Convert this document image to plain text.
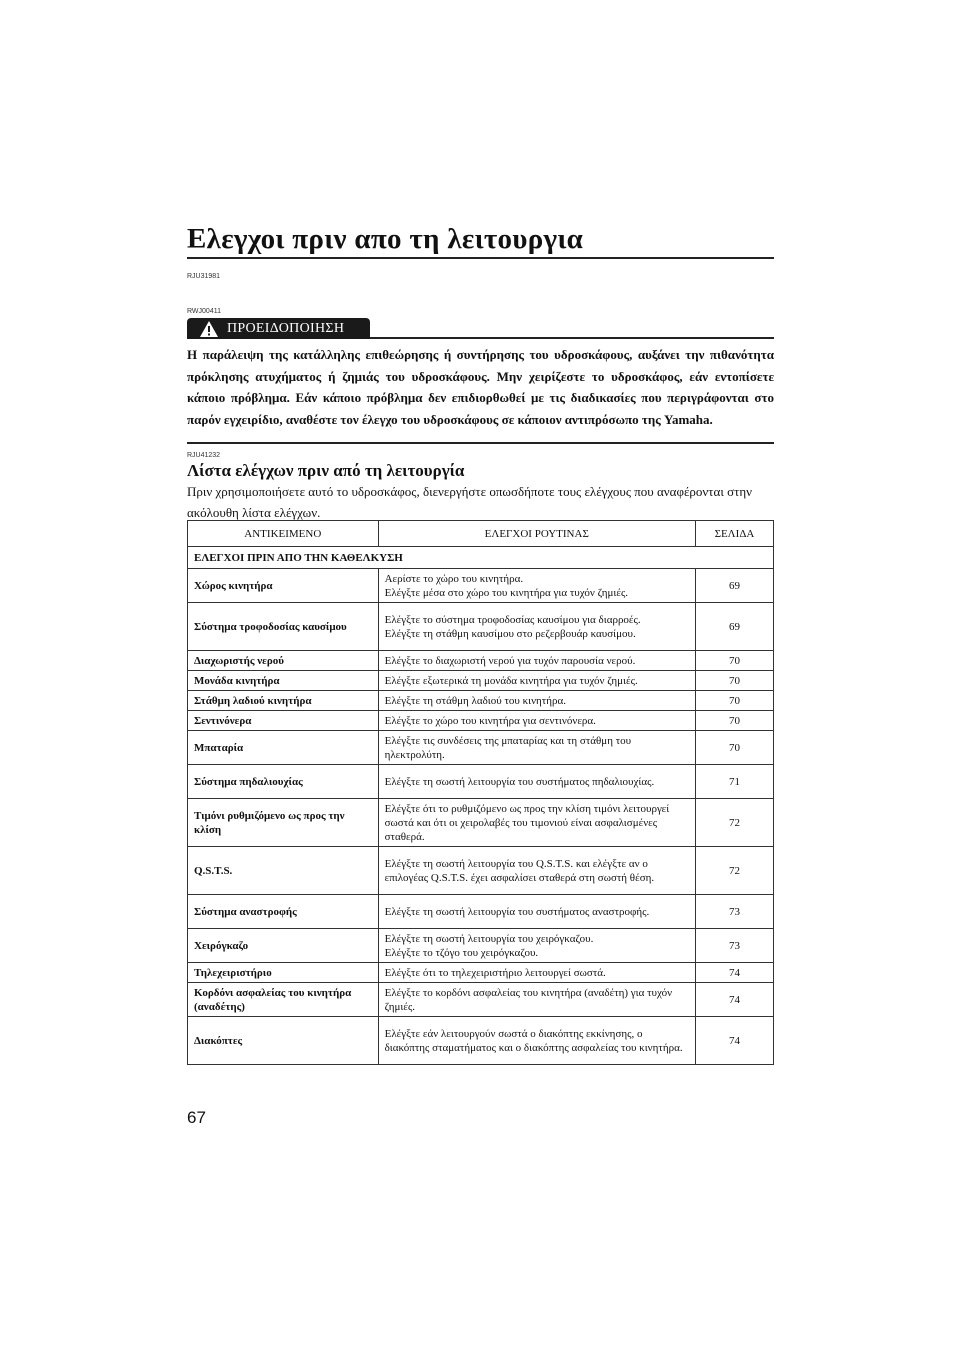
Ελεγχοι πριν απο τη λειτουργια
RJU31981
RWJ00411
ΠΡΟΕΙΔΟΠΟΙΗΣΗ
Η παράλειψη της κατάλληλης επιθεώρησης ή συντήρησης του υδροσκάφους, αυξάνει την πιθανότητα πρόκλησης ατυχήματος ή ζημιάς του υδροσκάφους. Μην χειρίζεστε το υδροσκάφος, εάν εντοπίσετε κάποιο πρόβλημα. Εάν κάποιο πρόβλημα δεν επιδιορθωθεί με τις διαδικασίες που περιγράφονται στο παρόν εγχειρίδιο, αναθέστε τον έλεγχο του υδροσκάφους σε κάποιον αντιπρόσωπο της Yamaha.
RJU41232
Λίστα ελέγχων πριν από τη λειτουργία
Πριν χρησιμοποιήσετε αυτό το υδροσκάφος, διενεργήστε οπωσδήποτε τους ελέγχους που αναφέρονται στην ακόλουθη λίστα ελέγχων.
ΑΝΤΙΚΕΙΜΕΝΟ	ΕΛΕΓΧΟΙ ΡΟΥΤΙΝΑΣ	ΣΕΛΙΔΑ
ΕΛΕΓΧΟΙ ΠΡΙΝ ΑΠΟ ΤΗΝ ΚΑΘΕΛΚΥΣΗ		
Χώρος κινητήρα	Αερίστε το χώρο του κινητήρα.
Ελέγξτε μέσα στο χώρο του κινητήρα για τυχόν ζημιές.	69
Σύστημα τροφοδοσίας καυσίμου	Ελέγξτε το σύστημα τροφοδοσίας καυσίμου για διαρροές.
Ελέγξτε τη στάθμη καυσίμου στο ρεζερβουάρ καυσίμου.	69
Διαχωριστής νερού	Ελέγξτε το διαχωριστή νερού για τυχόν παρουσία νερού.	70
Μονάδα κινητήρα	Ελέγξτε εξωτερικά τη μονάδα κινητήρα για τυχόν ζημιές.	70
Στάθμη λαδιού κινητήρα	Ελέγξτε τη στάθμη λαδιού του κινητήρα.	70
Σεντινόνερα	Ελέγξτε το χώρο του κινητήρα για σεντινόνερα.	70
Μπαταρία	Ελέγξτε τις συνδέσεις της μπαταρίας και τη στάθμη του ηλεκτρολύτη.	70
Σύστημα πηδαλιουχίας	Ελέγξτε τη σωστή λειτουργία του συστήματος πηδαλιουχίας.	71
Τιμόνι ρυθμιζόμενο ως προς την κλίση	Ελέγξτε ότι το ρυθμιζόμενο ως προς την κλίση τιμόνι λειτουργεί σωστά και ότι οι χειρολαβές του τιμονιού είναι ασφαλισμένες σταθερά.	72
Q.S.T.S.	Ελέγξτε τη σωστή λειτουργία του Q.S.T.S. και ελέγξτε αν ο επιλογέας Q.S.T.S. έχει ασφαλίσει σταθερά στη σωστή θέση.	72
Σύστημα αναστροφής	Ελέγξτε τη σωστή λειτουργία του συστήματος αναστροφής.	73
Χειρόγκαζο	Ελέγξτε τη σωστή λειτουργία του χειρόγκαζου.
Ελέγξτε το τζόγο του χειρόγκαζου.	73
Τηλεχειριστήριο	Ελέγξτε ότι το τηλεχειριστήριο λειτουργεί σωστά.	74
Κορδόνι ασφαλείας του κινητήρα (αναδέτης)	Ελέγξτε το κορδόνι ασφαλείας του κινητήρα (αναδέτη) για τυχόν ζημιές.	74
Διακόπτες	Ελέγξτε εάν λειτουργούν σωστά ο διακόπτης εκκίνησης, ο διακόπτης σταματήματος και ο διακόπτης ασφαλείας του κινητήρα.	74
67
